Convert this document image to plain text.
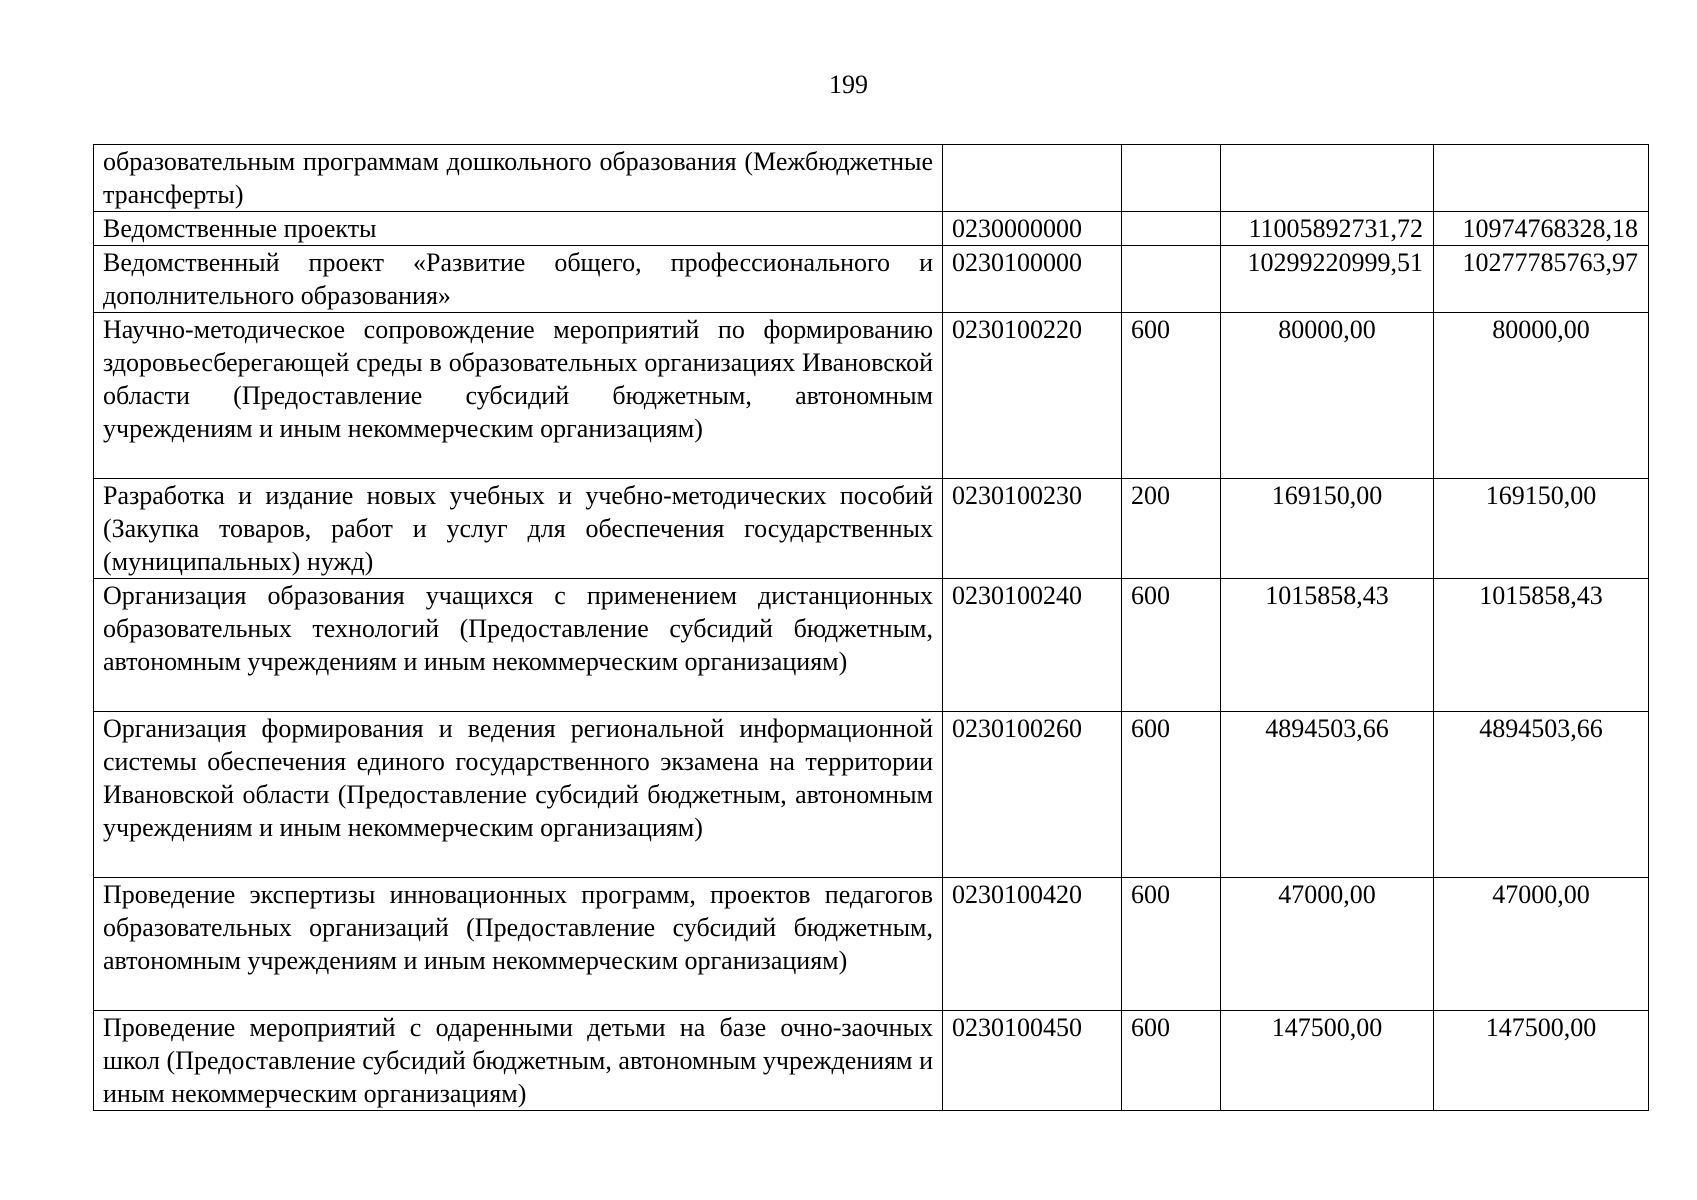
199
образовательным программам дошкольного образования (Межбюджетные трансферты)				
Ведомственные проекты	0230000000		11005892731,72	10974768328,18
Ведомственный проект «Развитие общего, профессионального и дополнительного образования»	0230100000		10299220999,51	10277785763,97
Научно-методическое сопровождение мероприятий по формированию здоровьесберегающей среды в образовательных организациях Ивановской области (Предоставление субсидий бюджетным, автономным учреждениям и иным некоммерческим организациям)	0230100220	600	80000,00	80000,00
Разработка и издание новых учебных и учебно-методических пособий (Закупка товаров, работ и услуг для обеспечения государственных (муниципальных) нужд)	0230100230	200	169150,00	169150,00
Организация образования учащихся с применением дистанционных образовательных технологий (Предоставление субсидий бюджетным, автономным учреждениям и иным некоммерческим организациям)	0230100240	600	1015858,43	1015858,43
Организация формирования и ведения региональной информационной системы обеспечения единого государственного экзамена на территории Ивановской области (Предоставление субсидий бюджетным, автономным учреждениям и иным некоммерческим организациям)	0230100260	600	4894503,66	4894503,66
Проведение экспертизы инновационных программ, проектов педагогов образовательных организаций (Предоставление субсидий бюджетным, автономным учреждениям и иным некоммерческим организациям)	0230100420	600	47000,00	47000,00
Проведение мероприятий с одаренными детьми на базе очно-заочных школ (Предоставление субсидий бюджетным, автономным учреждениям и иным некоммерческим организациям)	0230100450	600	147500,00	147500,00
